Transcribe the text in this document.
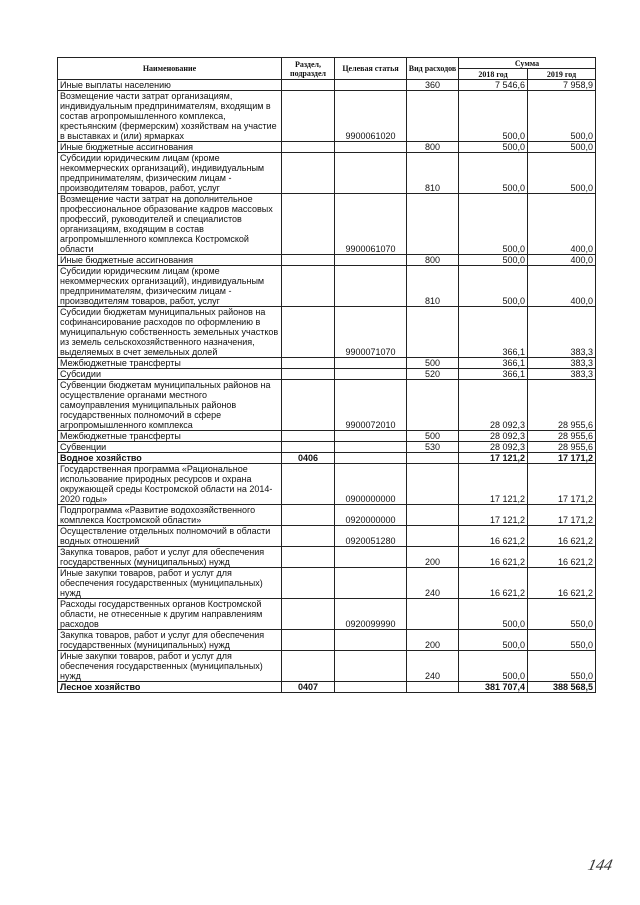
Наименование	Раздел, подраздел	Целевая статья	Вид расходов	Сумма	
				2018 год	2019 год
Иные выплаты населению			360	7 546,6	7 958,9
Возмещение части затрат организациям, индивидуальным предпринимателям, входящим в состав агропромышленного комплекса, крестьянским (фермерским) хозяйствам на участие в выставках и (или) ярмарках		9900061020		500,0	500,0
Иные бюджетные ассигнования			800	500,0	500,0
Субсидии юридическим лицам (кроме некоммерческих организаций), индивидуальным предпринимателям, физическим лицам - производителям товаров, работ, услуг			810	500,0	500,0
Возмещение части затрат на дополнительное профессиональное образование кадров массовых профессий, руководителей и специалистов организациям, входящим в состав агропромышленного комплекса Костромской области		9900061070		500,0	400,0
Иные бюджетные ассигнования			800	500,0	400,0
Субсидии юридическим лицам (кроме некоммерческих организаций), индивидуальным предпринимателям, физическим лицам - производителям товаров, работ, услуг			810	500,0	400,0
Субсидии бюджетам муниципальных районов на софинансирование расходов по оформлению в муниципальную собственность земельных участков из земель сельскохозяйственного назначения, выделяемых в счет земельных долей		9900071070		366,1	383,3
Межбюджетные трансферты			500	366,1	383,3
Субсидии			520	366,1	383,3
Субвенции бюджетам муниципальных районов на осуществление органами местного самоуправления муниципальных районов государственных полномочий в сфере агропромышленного комплекса		9900072010		28 092,3	28 955,6
Межбюджетные трансферты			500	28 092,3	28 955,6
Субвенции			530	28 092,3	28 955,6
Водное хозяйство	0406			17 121,2	17 171,2
Государственная программа «Рациональное использование природных ресурсов и охрана окружающей среды Костромской области на 2014-2020 годы»		0900000000		17 121,2	17 171,2
Подпрограмма «Развитие водохозяйственного комплекса Костромской области»		0920000000		17 121,2	17 171,2
Осуществление отдельных полномочий в области водных отношений		0920051280		16 621,2	16 621,2
Закупка товаров, работ и услуг для обеспечения государственных (муниципальных) нужд			200	16 621,2	16 621,2
Иные закупки товаров, работ и услуг для обеспечения государственных (муниципальных) нужд			240	16 621,2	16 621,2
Расходы государственных органов Костромской области, не отнесенные к другим направлениям расходов		0920099990		500,0	550,0
Закупка товаров, работ и услуг для обеспечения государственных (муниципальных) нужд			200	500,0	550,0
Иные закупки товаров, работ и услуг для обеспечения государственных (муниципальных) нужд			240	500,0	550,0
Лесное хозяйство	0407			381 707,4	388 568,5
144
